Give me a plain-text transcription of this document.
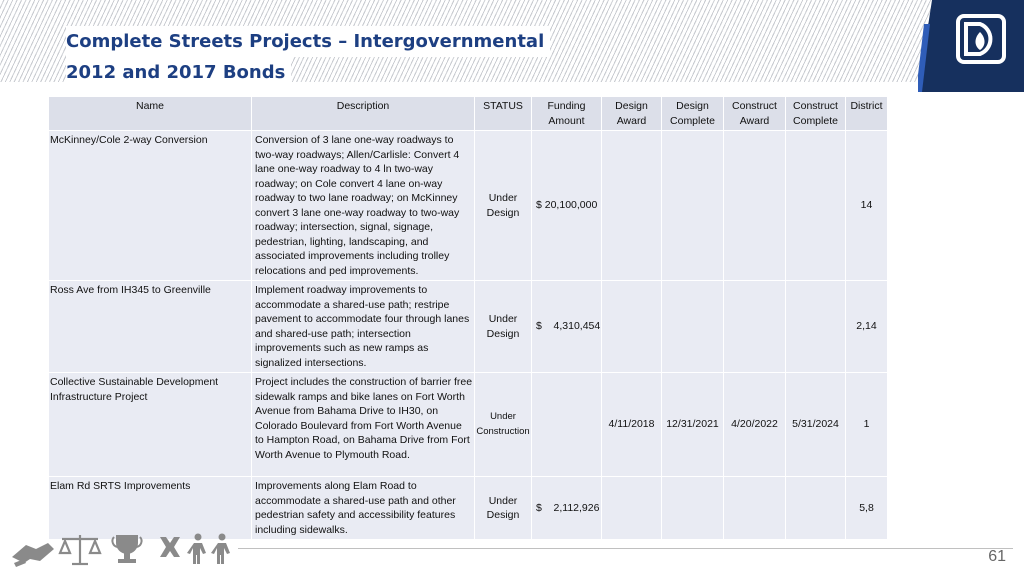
Complete Streets Projects – Intergovernmental
2012 and 2017 Bonds
Name	Description	STATUS	Funding Amount	Design Award	Design Complete	Construct Award	Construct Complete	District
McKinney/Cole 2-way Conversion	Conversion of 3 lane one-way roadways to two-way roadways; Allen/Carlisle: Convert 4 lane one-way roadway to 4 ln two-way roadway; on Cole convert 4 lane on-way roadway to two lane roadway; on McKinney convert 3 lane one-way roadway to two-way roadway; intersection, signal, signage, pedestrian, lighting, landscaping, and associated improvements including trolley relocations and ped improvements.	Under Design	$ 20,100,000					14
Ross Ave from IH345 to Greenville	Implement roadway improvements to accommodate a shared-use path; restripe pavement to accommodate four through lanes and shared-use path; intersection improvements such as new ramps as signalized intersections.	Under Design	$    4,310,454					2,14
Collective Sustainable Development Infrastructure Project	Project includes the construction of barrier free sidewalk ramps and bike lanes on Fort Worth Avenue from Bahama Drive to IH30, on Colorado Boulevard from Fort Worth Avenue to Hampton Road, on Bahama Drive from Fort Worth Avenue to Plymouth Road.	Under Construction		4/11/2018	12/31/2021	4/20/2022	5/31/2024	1
Elam Rd SRTS Improvements	Improvements along Elam Road to accommodate a shared-use path and other pedestrian safety and accessibility features including sidewalks.	Under Design	$    2,112,926					5,8
61
